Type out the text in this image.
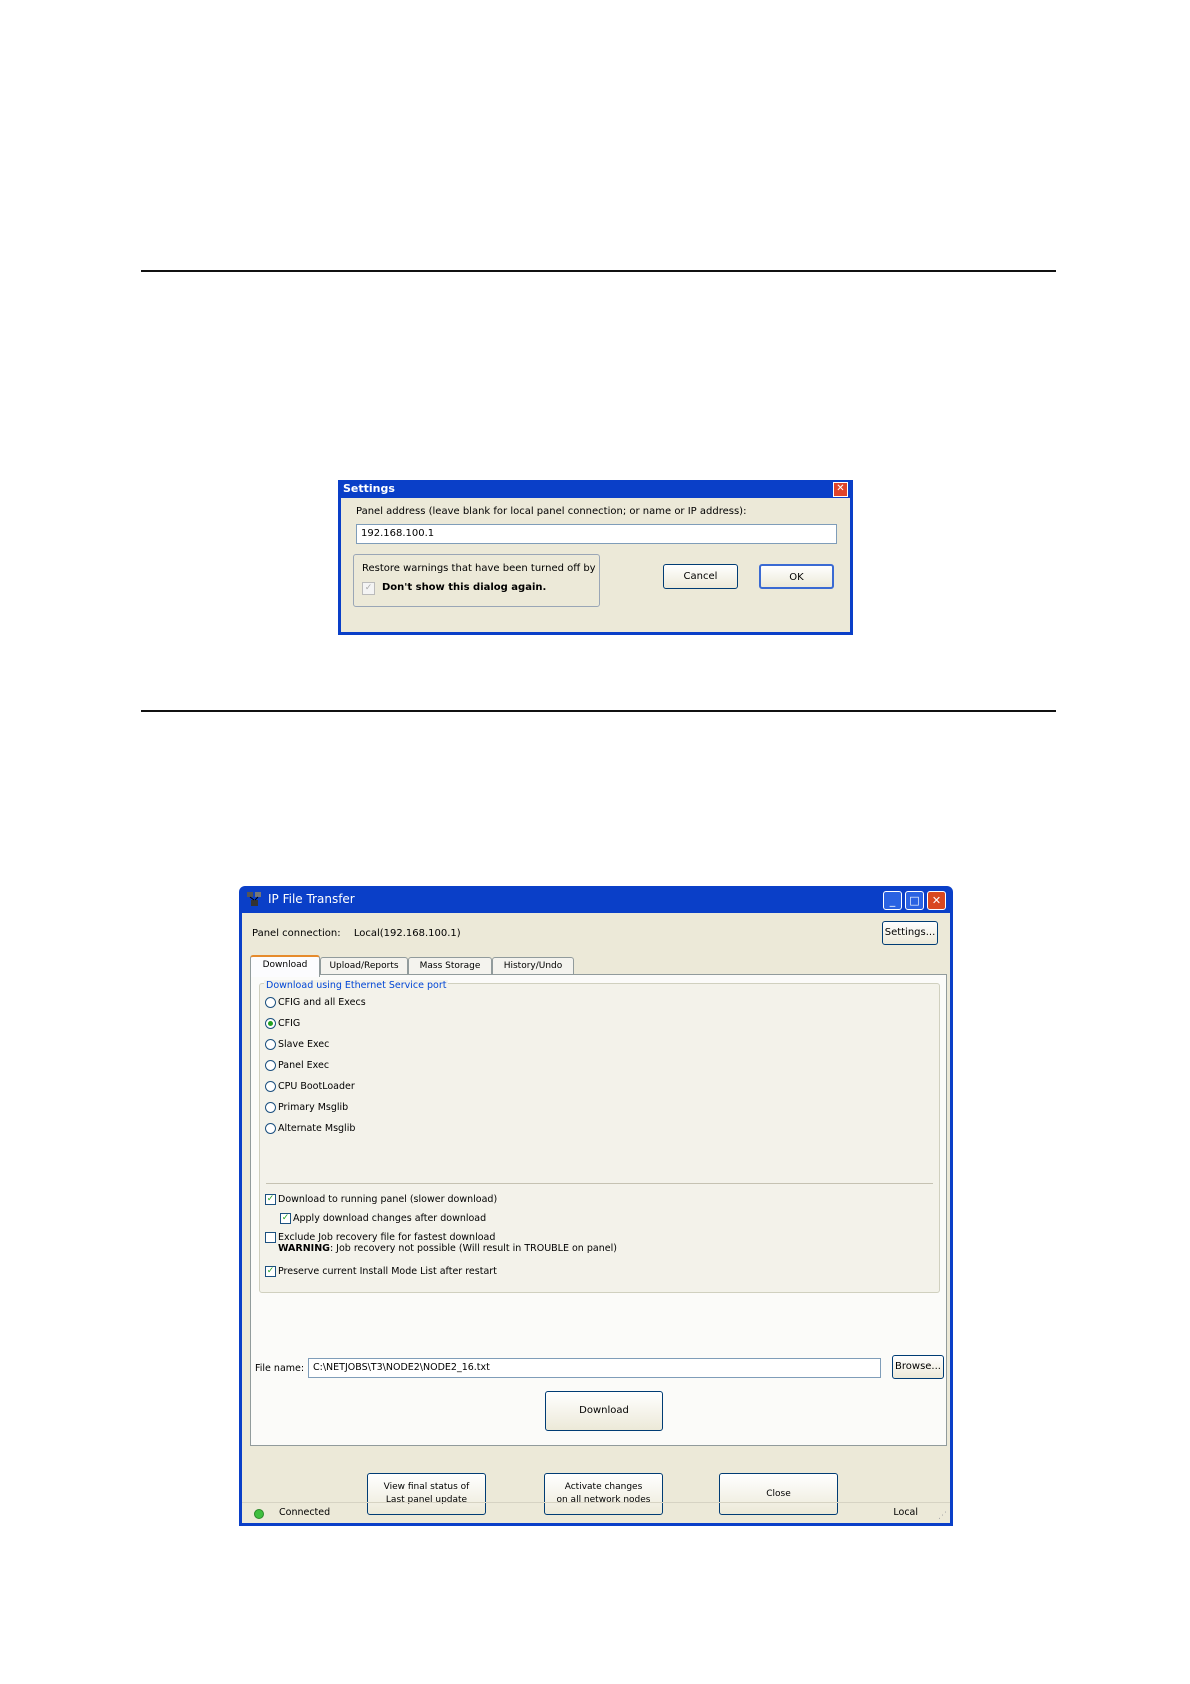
Settings	✕
Panel address (leave blank for local panel connection; or name or IP address):
192.168.100.1
Restore warnings that have been turned off by
✓ Don't show this dialog again.
Cancel	OK
IP File Transfer	_	□	✕
Panel connection: Local(192.168.100.1)	Settings...
Download	Upload/Reports	Mass Storage	History/Undo
Download using Ethernet Service port
CFIG and all Execs
CFIG
Slave Exec
Panel Exec
CPU BootLoader
Primary Msglib
Alternate Msglib
✓ Download to running panel (slower download)
✓ Apply download changes after download
Exclude Job recovery file for fastest download
WARNING: Job recovery not possible (Will result in TROUBLE on panel)
✓ Preserve current Install Mode List after restart
File name: C:\NETJOBS\T3\NODE2\NODE2_16.txt	Browse...
Download
View final status of
Last panel update
Activate changes
on all network nodes
Close
Connected	Local ⋰
